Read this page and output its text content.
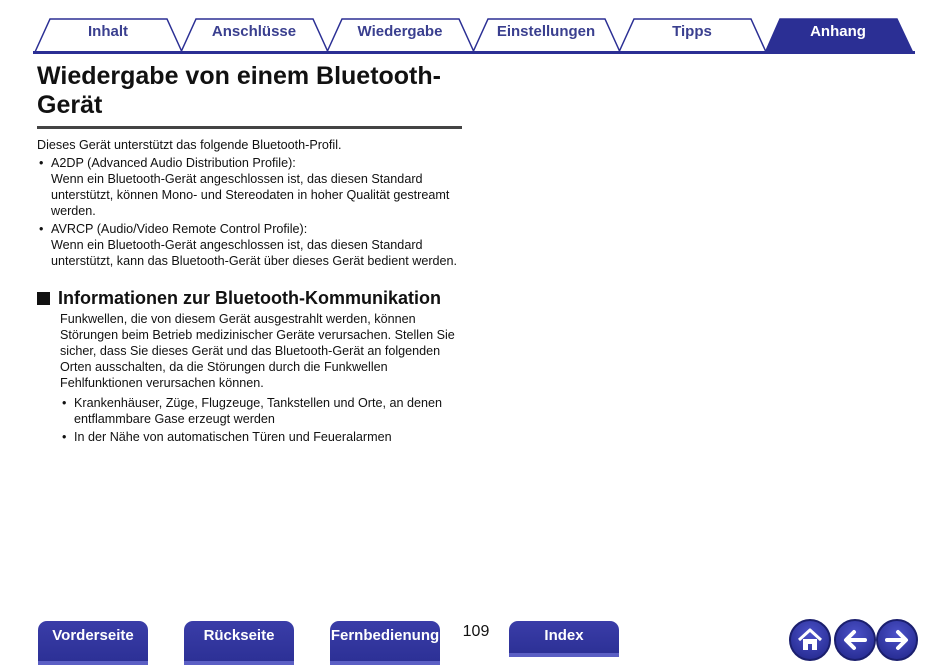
Inhalt	Anschlüsse	Wiedergabe	Einstellungen	Tipps	Anhang
Wiedergabe von einem Bluetooth-
Gerät

Dieses Gerät unterstützt das folgende Bluetooth-Profil.

• A2DP (Advanced Audio Distribution Profile):
Wenn ein Bluetooth-Gerät angeschlossen ist, das diesen Standard unterstützt, können Mono- und Stereodaten in hoher Qualität gestreamt werden.
• AVRCP (Audio/Video Remote Control Profile):
Wenn ein Bluetooth-Gerät angeschlossen ist, das diesen Standard unterstützt, kann das Bluetooth-Gerät über dieses Gerät bedient werden.
Informationen zur Bluetooth-Kommunikation

Funkwellen, die von diesem Gerät ausgestrahlt werden, können Störungen beim Betrieb medizinischer Geräte verursachen. Stellen Sie sicher, dass Sie dieses Gerät und das Bluetooth-Gerät an folgenden Orten ausschalten, da die Störungen durch die Funkwellen Fehlfunktionen verursachen können.

• Krankenhäuser, Züge, Flugzeuge, Tankstellen und Orte, an denen entflammbare Gase erzeugt werden
• In der Nähe von automatischen Türen und Feueralarmen
Vorderseite	Rückseite	Fernbedienung 109	Index
